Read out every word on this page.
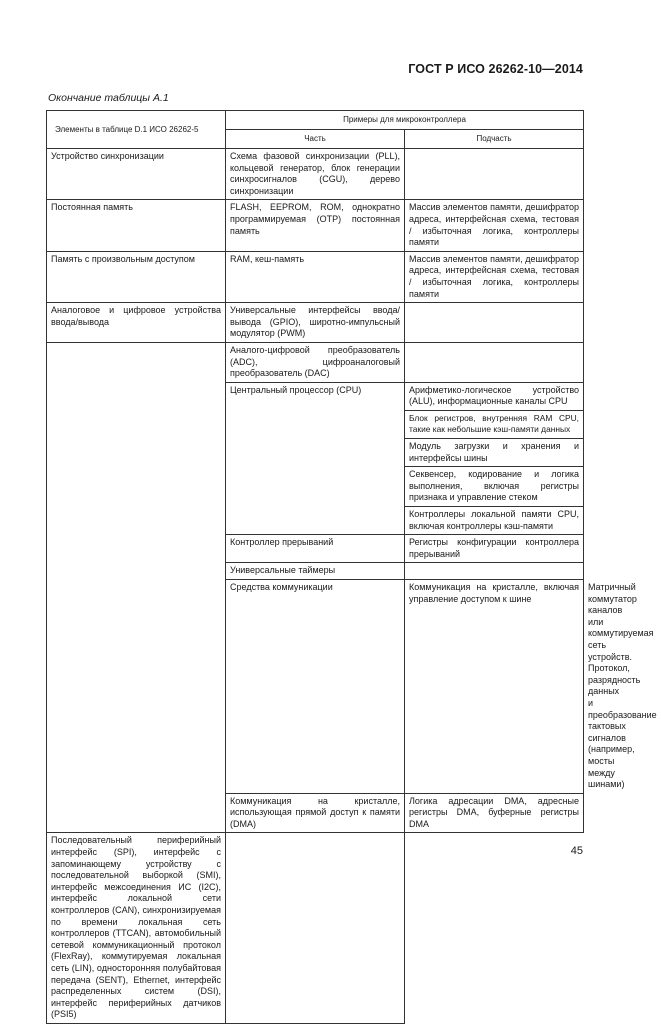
ГОСТ Р ИСО 26262-10—2014
Окончание таблицы А.1
Элементы в таблице D.1 ИСО 26262-5	Примеры для микроконтроллера		
	Часть	Подчасть	
Устройство синхронизации	Схема фазовой синхронизации (PLL), кольцевой генератор, блок генерации синхросигналов (CGU), дерево синхронизации		
Постоянная память	FLASH, EEPROM, ROM, однократно программируемая (OTP) постоянная память	Массив элементов памяти, дешифратор адреса, интерфейсная схема, тестовая / избыточная логика, контроллеры памяти	
Память с произвольным доступом	RAM, кеш-память	Массив элементов памяти, дешифратор адреса, интерфейсная схема, тестовая / избыточная логика, контроллеры памяти	
Аналоговое и цифровое устройства ввода/вывода	Универсальные интерфейсы ввода/вывода (GPIO), широтно-импульсный модулятор (PWM)		
	Аналого-цифровой преобразователь (ADC), цифроаналоговый преобразователь (DAC)		
	Центральный процессор (CPU)	Арифметико-логическое устройство (ALU), информационные каналы CPU	
		Блок регистров, внутренняя RAM CPU, такие как небольшие кэш-памяти данных	
		Модуль загрузки и хранения и интерфейсы шины	
		Секвенсер, кодирование и логика выполнения, включая регистры признака и управление стеком	
		Контроллеры локальной памяти CPU, включая контроллеры кэш-памяти	
	Контроллер прерываний	Регистры конфигурации контроллера прерываний	
	Универсальные таймеры		
	Средства коммуникации	Коммуникация на кристалле, включая управление доступом к шине	Матричный коммутатор каналов или коммутируемая сеть устройств. Протокол, разрядность данных и преобразование тактовых сигналов (например, мосты между шинами)
	Коммуникация на кристалле, использующая прямой доступ к памяти (DMA)	Логика адресации DMA, адресные регистры DMA, буферные регистры DMA	
Последовательный периферийный интерфейс (SPI), интерфейс с запоминающему устройству с последовательной выборкой (SMI), интерфейс межсоединения ИС (I2C), интерфейс локальной сети контроллеров (CAN), синхронизируемая по времени локальная сеть контроллеров (TTCAN), автомобильный сетевой коммуникационный протокол (FlexRay), коммутируемая локальная сеть (LIN), односторонняя полубайтовая передача (SENT), Ethernet, интерфейс распределенных систем (DSI), интерфейс периферийных датчиков (PSI5)			
45
